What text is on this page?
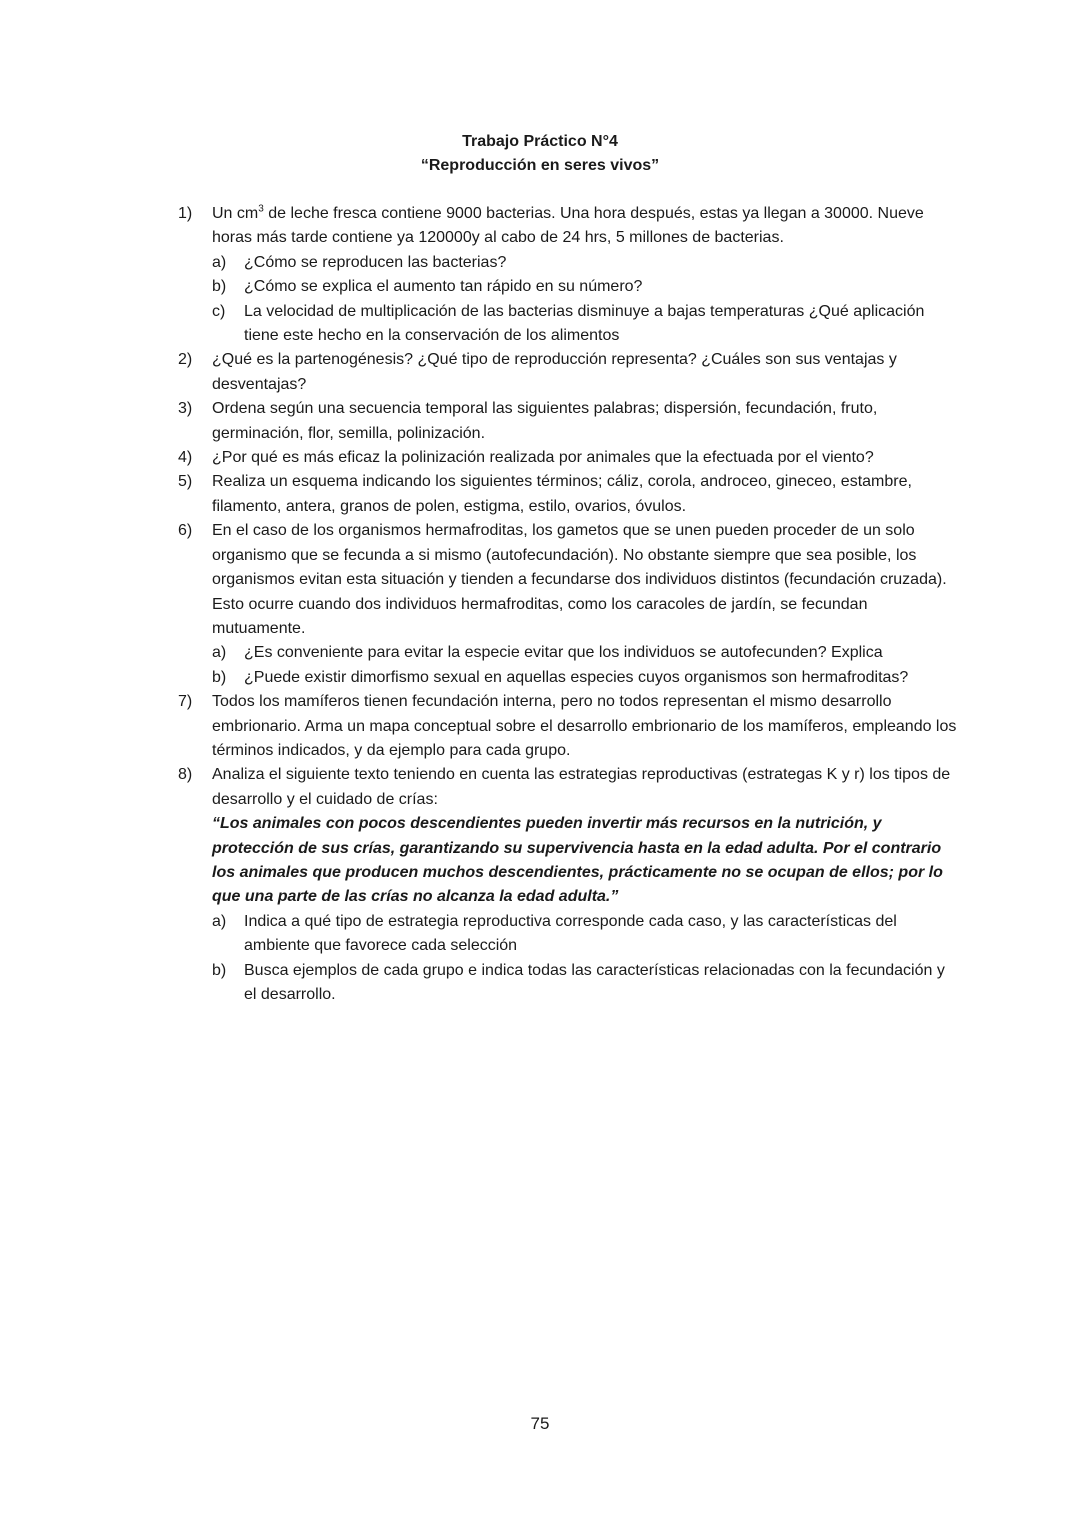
Trabajo Práctico N°4
“Reproducción en seres vivos”
1) Un $cm^3$ de leche fresca contiene 9000 bacterias. Una hora después, estas ya llegan a 30000. Nueve horas más tarde contiene ya 120000y al cabo de 24 hrs, 5 millones de bacterias.
a) ¿Cómo se reproducen las bacterias?
b) ¿Cómo se explica el aumento tan rápido en su número?
c) La velocidad de multiplicación de las bacterias disminuye a bajas temperaturas ¿Qué aplicación tiene este hecho en la conservación de los alimentos
2) ¿Qué es la partenogénesis? ¿Qué tipo de reproducción representa? ¿Cuáles son sus ventajas y desventajas?
3) Ordena según una secuencia temporal las siguientes palabras; dispersión, fecundación, fruto, germinación, flor, semilla, polinización.
4) ¿Por qué es más eficaz la polinización realizada por animales que la efectuada por el viento?
5) Realiza un esquema indicando los siguientes términos; cáliz, corola, androceo, gineceo, estambre, filamento, antera, granos de polen, estigma, estilo, ovarios, óvulos.
6) En el caso de los organismos hermafroditas, los gametos que se unen pueden proceder de un solo organismo que se fecunda a si mismo (autofecundación). No obstante siempre que sea posible, los organismos evitan esta situación y tienden a fecundarse dos individuos distintos (fecundación cruzada). Esto ocurre cuando dos individuos hermafroditas, como los caracoles de jardín, se fecundan mutuamente.
a) ¿Es conveniente para evitar la especie evitar que los individuos se autofecunden? Explica
b) ¿Puede existir dimorfismo sexual en aquellas especies cuyos organismos son hermafroditas?
7) Todos los mamíferos tienen fecundación interna, pero no todos representan el mismo desarrollo embrionario. Arma un mapa conceptual sobre el desarrollo embrionario de los mamíferos, empleando los términos indicados, y da ejemplo para cada grupo.
8) Analiza el siguiente texto teniendo en cuenta las estrategias reproductivas (estrategas K y r) los tipos de desarrollo y el cuidado de crías:
“Los animales con pocos descendientes pueden invertir más recursos en la nutrición, y protección de sus crías, garantizando su supervivencia hasta en la edad adulta. Por el contrario los animales que producen muchos descendientes, prácticamente no se ocupan de ellos; por lo que una parte de las crías no alcanza la edad adulta.”
a) Indica a qué tipo de estrategia reproductiva corresponde cada caso, y las características del ambiente que favorece cada selección
b) Busca ejemplos de cada grupo e indica todas las características relacionadas con la fecundación y el desarrollo.
75
